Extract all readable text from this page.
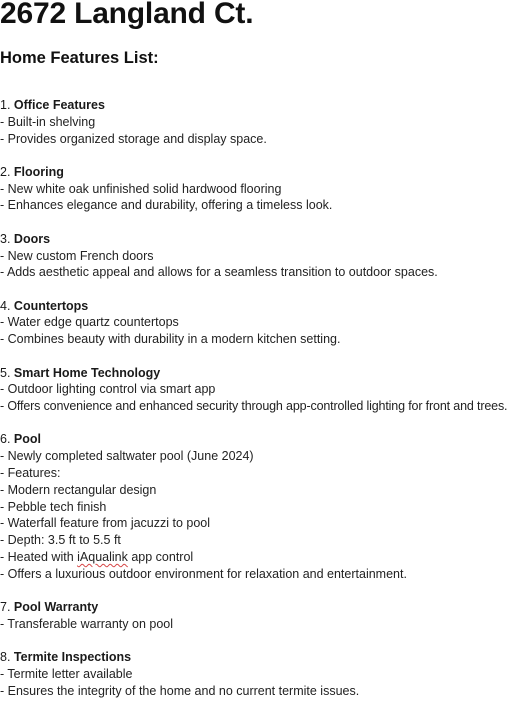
2672 Langland Ct.
Home Features List:
1. Office Features
- Built-in shelving
- Provides organized storage and display space.
2. Flooring
- New white oak unfinished solid hardwood flooring
- Enhances elegance and durability, offering a timeless look.
3. Doors
- New custom French doors
- Adds aesthetic appeal and allows for a seamless transition to outdoor spaces.
4. Countertops
- Water edge quartz countertops
- Combines beauty with durability in a modern kitchen setting.
5. Smart Home Technology
- Outdoor lighting control via smart app
- Offers convenience and enhanced security through app-controlled lighting for front and trees.
6. Pool
- Newly completed saltwater pool (June 2024)
- Features:
- Modern rectangular design
- Pebble tech finish
- Waterfall feature from jacuzzi to pool
- Depth: 3.5 ft to 5.5 ft
- Heated with iAqualink app control
- Offers a luxurious outdoor environment for relaxation and entertainment.
7. Pool Warranty
- Transferable warranty on pool
8. Termite Inspections
- Termite letter available
- Ensures the integrity of the home and no current termite issues.
